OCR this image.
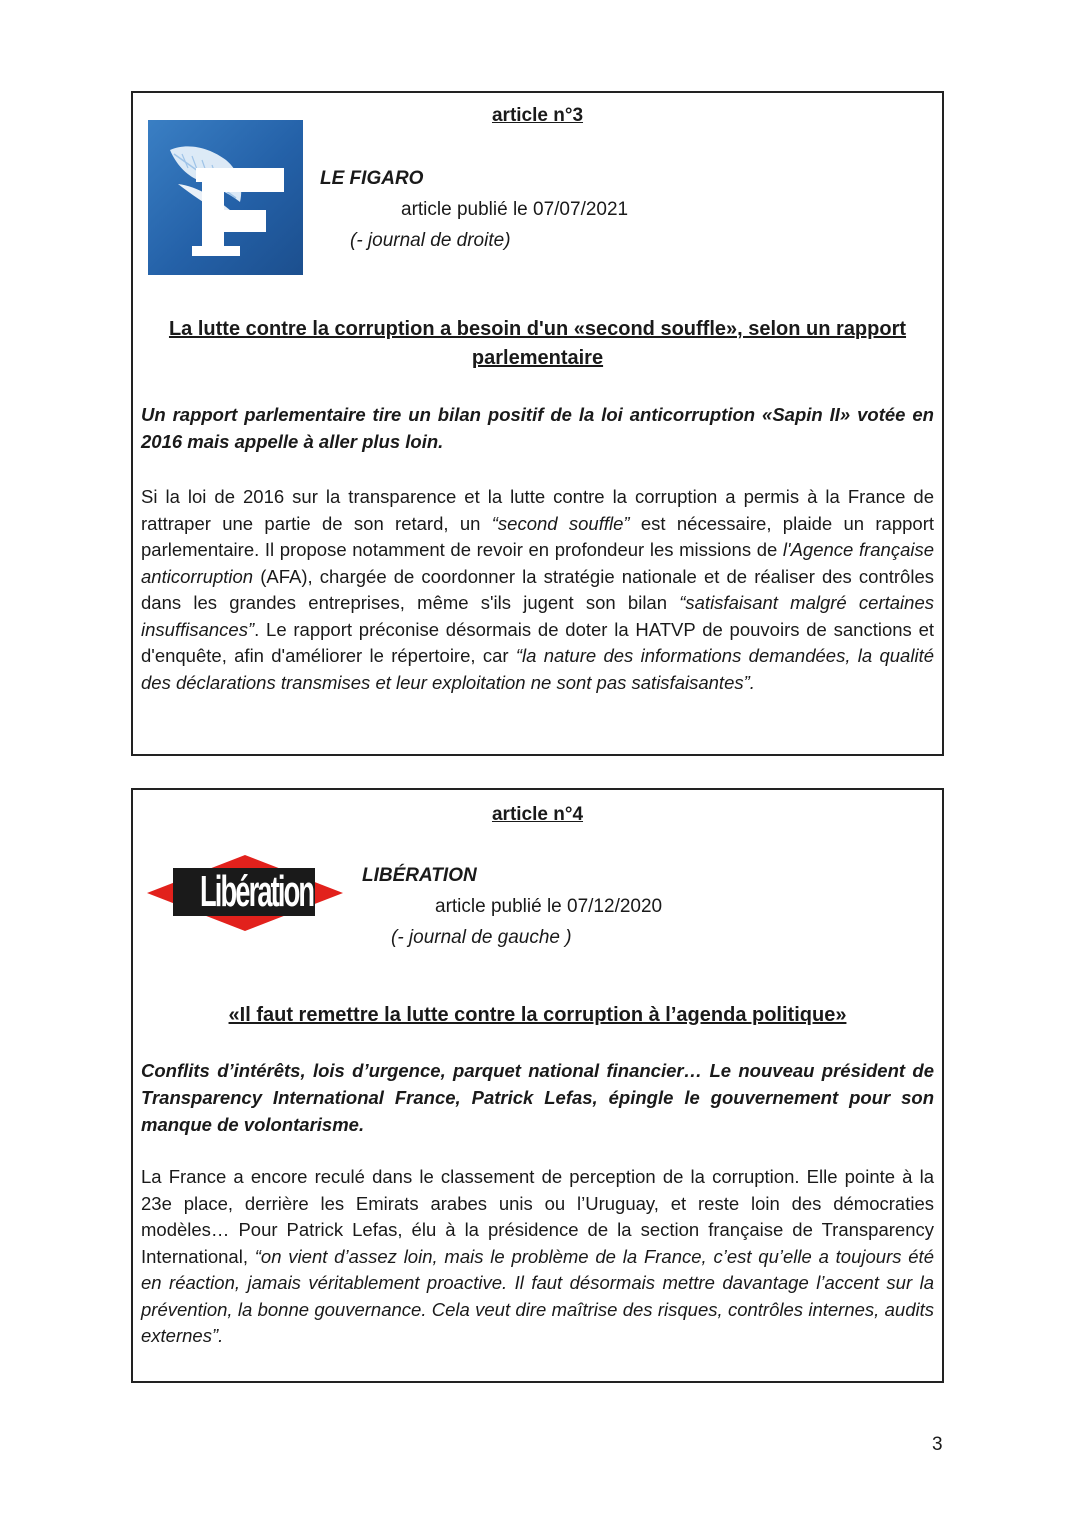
article n°3
LE FIGARO
article publié le 07/07/2021
(- journal de droite)
La lutte contre la corruption a besoin d'un «second souffle», selon un rapport parlementaire
Un rapport parlementaire tire un bilan positif de la loi anticorruption «Sapin II» votée en 2016 mais appelle à aller plus loin.
Si la loi de 2016 sur la transparence et la lutte contre la corruption a permis à la France de rattraper une partie de son retard, un “second souffle” est nécessaire, plaide un rapport parlementaire. Il propose notamment de revoir en profondeur les missions de l'Agence française anticorruption (AFA), chargée de coordonner la stratégie nationale et de réaliser des contrôles dans les grandes entreprises, même s'ils jugent son bilan “satisfaisant malgré certaines insuffisances”. Le rapport préconise désormais de doter la HATVP de pouvoirs de sanctions et d'enquête, afin d'améliorer le répertoire, car “la nature des informations demandées, la qualité des déclarations transmises et leur exploitation ne sont pas satisfaisantes”.
article n°4
Libération	LIBÉRATION
article publié le 07/12/2020
(- journal de gauche )
«Il faut remettre la lutte contre la corruption à l’agenda politique»
Conflits d’intérêts, lois d’urgence, parquet national financier… Le nouveau président de Transparency International France, Patrick Lefas, épingle le gouvernement pour son manque de volontarisme.
La France a encore reculé dans le classement de perception de la corruption. Elle pointe à la 23e place, derrière les Emirats arabes unis ou l’Uruguay, et reste loin des démocraties modèles… Pour Patrick Lefas, élu à la présidence de la section française de Transparency International, “on vient d’assez loin, mais le problème de la France, c’est qu’elle a toujours été en réaction, jamais véritablement proactive. Il faut désormais mettre davantage l’accent sur la prévention, la bonne gouvernance. Cela veut dire maîtrise des risques, contrôles internes, audits externes”.
3
